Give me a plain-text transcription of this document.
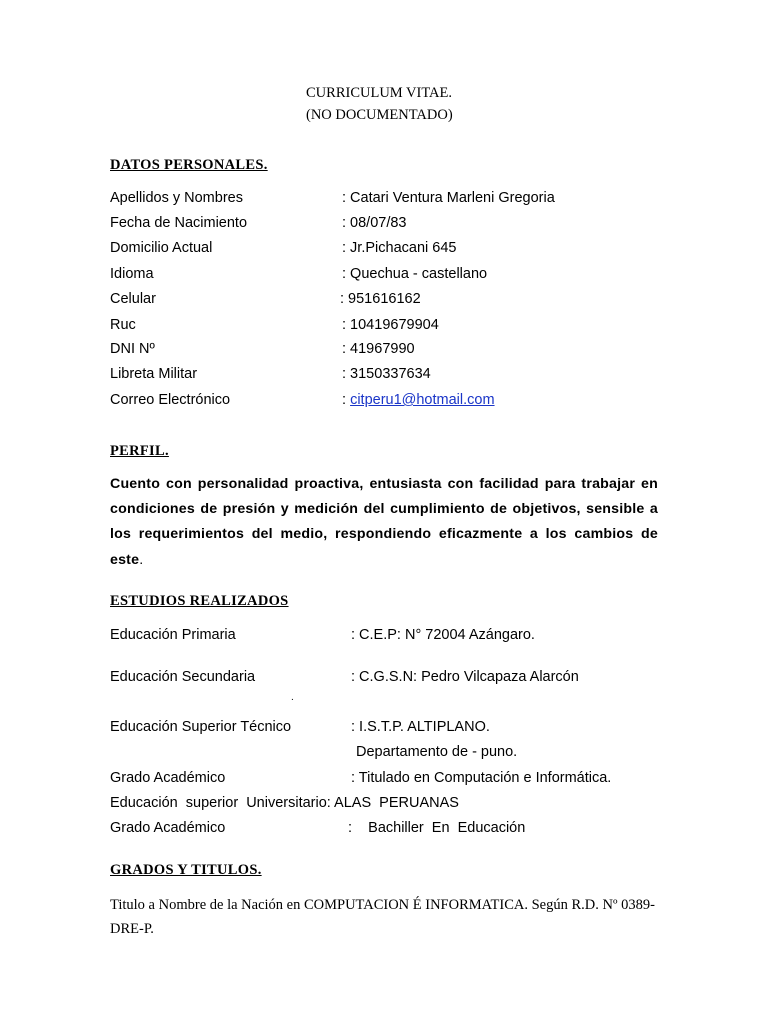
CURRICULUM VITAE.
(NO DOCUMENTADO)
DATOS PERSONALES.
Apellidos y Nombres	: Catari Ventura Marleni Gregoria
Fecha de Nacimiento	: 08/07/83
Domicilio Actual	: Jr.Pichacani 645
Idioma	: Quechua - castellano
Celular	: 951616162
Ruc	: 10419679904
DNI Nº	: 41967990
Libreta Militar	: 3150337634
Correo Electrónico	: citperu1@hotmail.com
PERFIL.
Cuento con personalidad proactiva, entusiasta con facilidad para trabajar en condiciones de presión y medición del cumplimiento de objetivos, sensible a los requerimientos del medio, respondiendo eficazmente a los cambios de este.
ESTUDIOS REALIZADOS
Educación Primaria	: C.E.P: N° 72004 Azángaro.
Educación Secundaria	: C.G.S.N: Pedro Vilcapaza Alarcón
.
Educación Superior Técnico	: I.S.T.P. ALTIPLANO.
Departamento de - puno.
Grado Académico	: Titulado en Computación e Informática.
Educación  superior  Universitario: ALAS  PERUANAS
Grado Académico	:    Bachiller  En  Educación
GRADOS Y TITULOS.
Titulo a Nombre de la Nación en COMPUTACION É INFORMATICA. Según R.D. Nº 0389-DRE-P.
